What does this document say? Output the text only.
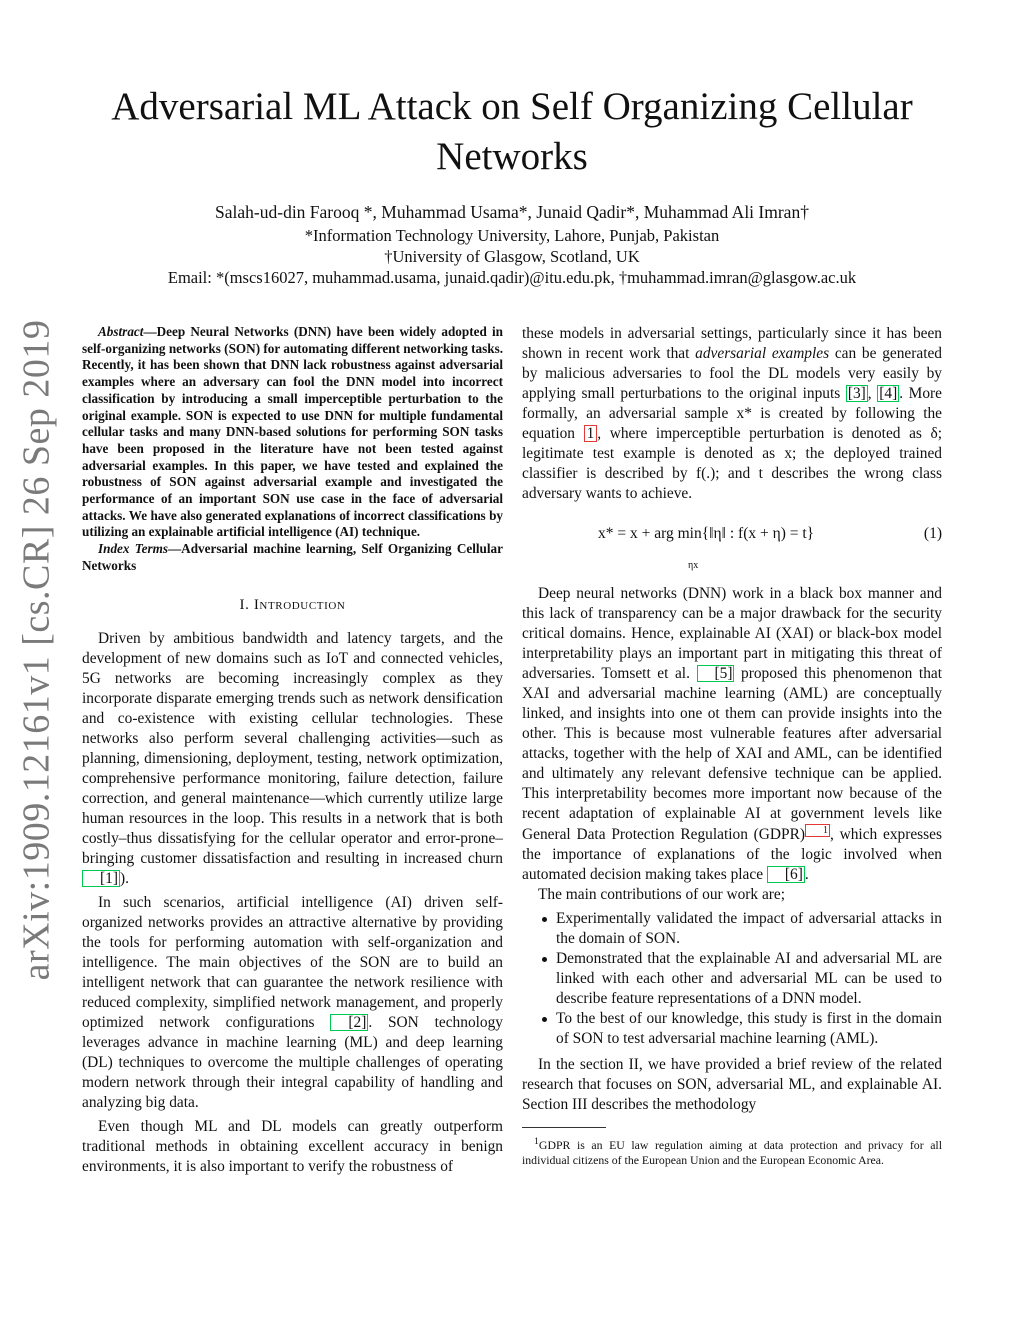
arXiv:1909.12161v1 [cs.CR] 26 Sep 2019
Adversarial ML Attack on Self Organizing Cellular Networks
Salah-ud-din Farooq *, Muhammad Usama*, Junaid Qadir*, Muhammad Ali Imran†
*Information Technology University, Lahore, Punjab, Pakistan
†University of Glasgow, Scotland, UK
Email: *(mscs16027, muhammad.usama, junaid.qadir)@itu.edu.pk, †muhammad.imran@glasgow.ac.uk

Abstract—Deep Neural Networks (DNN) have been widely adopted in self-organizing networks (SON) for automating different networking tasks. Recently, it has been shown that DNN lack robustness against adversarial examples where an adversary can fool the DNN model into incorrect classification by introducing a small imperceptible perturbation to the original example. SON is expected to use DNN for multiple fundamental cellular tasks and many DNN-based solutions for performing SON tasks have been proposed in the literature have not been tested against adversarial examples. In this paper, we have tested and explained the robustness of SON against adversarial example and investigated the performance of an important SON use case in the face of adversarial attacks. We have also generated explanations of incorrect classifications by utilizing an explainable artificial intelligence (AI) technique.

Index Terms—Adversarial machine learning, Self Organizing Cellular Networks

I. Introduction

Driven by ambitious bandwidth and latency targets, and the development of new domains such as IoT and connected vehicles, 5G networks are becoming increasingly complex as they incorporate disparate emerging trends such as network densification and co-existence with existing cellular technologies. These networks also perform several challenging activities—such as planning, dimensioning, deployment, testing, network optimization, comprehensive performance monitoring, failure detection, failure correction, and general maintenance—which currently utilize large human resources in the loop. This results in a network that is both costly–thus dissatisfying for the cellular operator and error-prone–bringing customer dissatisfaction and resulting in increased churn [1] ).

In such scenarios, artificial intelligence (AI) driven self-organized networks provides an attractive alternative by providing the tools for performing automation with self-organization and intelligence. The main objectives of the SON are to build an intelligent network that can guarantee the network resilience with reduced complexity, simplified network management, and properly optimized network configurations [2] . SON technology leverages advance in machine learning (ML) and deep learning (DL) techniques to overcome the multiple challenges of operating modern network through their integral capability of handling and analyzing big data.

Even though ML and DL models can greatly outperform traditional methods in obtaining excellent accuracy in benign environments, it is also important to verify the robustness of

these models in adversarial settings, particularly since it has been shown in recent work that adversarial examples can be generated by malicious adversaries to fool the DL models very easily by applying small perturbations to the original inputs [3] , [4] . More formally, an adversarial sample x* is created by following the equation 1 , where imperceptible perturbation is denoted as δ; legitimate test example is denoted as x; the deployed trained classifier is described by f(.); and t describes the wrong class adversary wants to achieve.

x* = x + arg min{‖η‖ : f(x + η) = t}
$_{\eta x}$
(1)

Deep neural networks (DNN) work in a black box manner and this lack of transparency can be a major drawback for the security critical domains. Hence, explainable AI (XAI) or black-box model interpretability plays an important part in mitigating this threat of adversaries. Tomsett et al. [5] proposed this phenomenon that XAI and adversarial machine learning (AML) are conceptually linked, and insights into one ot them can provide insights into the other. This is because most vulnerable features after adversarial attacks, together with the help of XAI and AML, can be identified and ultimately any relevant defensive technique can be applied. This interpretability becomes more important now because of the recent adaptation of explainable AI at government levels like General Data Protection Regulation (GDPR) 1 , which expresses the importance of explanations of the logic involved when automated decision making takes place [6] .

The main contributions of our work are;

Experimentally validated the impact of adversarial attacks in the domain of SON.
Demonstrated that the explainable AI and adversarial ML are linked with each other and adversarial ML can be used to describe feature representations of a DNN model.
To the best of our knowledge, this study is first in the domain of SON to test adversarial machine learning (AML).

In the section II, we have provided a brief review of the related research that focuses on SON, adversarial ML, and explainable AI. Section III describes the methodology

$^1$GDPR is an EU law regulation aiming at data protection and privacy for all individual citizens of the European Union and the European Economic Area.
